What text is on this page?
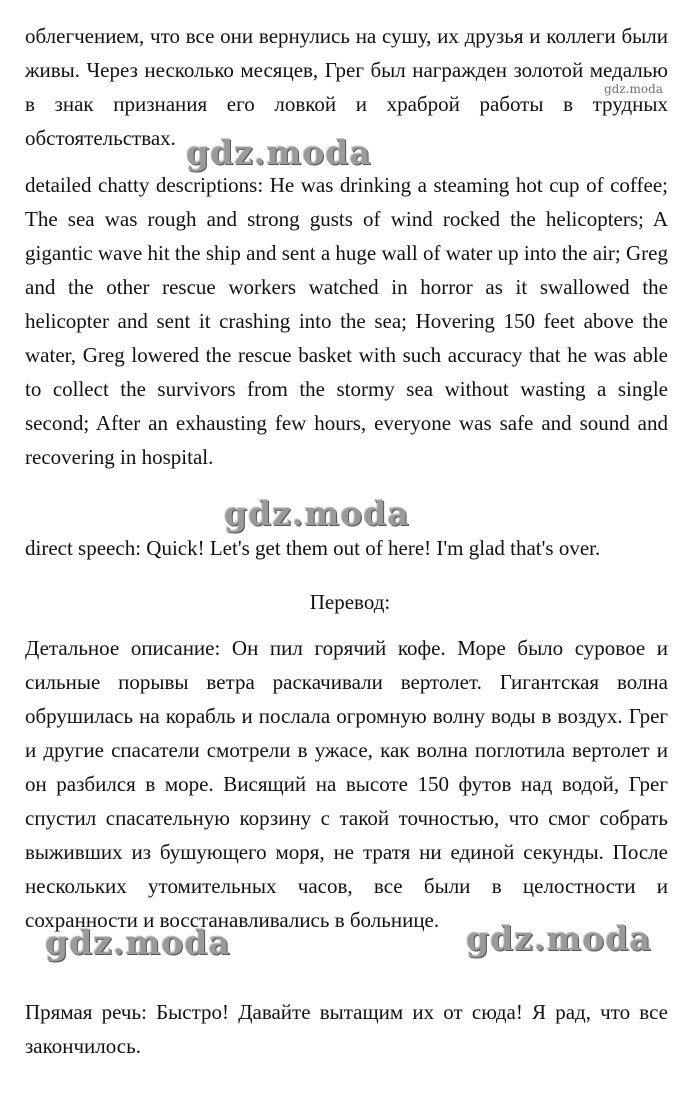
облегчением, что все они вернулись на сушу, их друзья и коллеги были живы. Через несколько месяцев, Грег был награжден золотой медалью в знак признания его ловкой и храброй работы в трудных обстоятельствах.

detailed chatty descriptions: He was drinking a steaming hot cup of coffee; The sea was rough and strong gusts of wind rocked the helicopters; A gigantic wave hit the ship and sent a huge wall of water up into the air; Greg and the other rescue workers watched in horror as it swallowed the helicopter and sent it crashing into the sea; Hovering 150 feet above the water, Greg lowered the rescue basket with such accuracy that he was able to collect the survivors from the stormy sea without wasting a single second; After an exhausting few hours, everyone was safe and sound and recovering in hospital.

direct speech: Quick! Let's get them out of here! I'm glad that's over.

Перевод:

Детальное описание: Он пил горячий кофе. Море было суровое и сильные порывы ветра раскачивали вертолет. Гигантская волна обрушилась на корабль и послала огромную волну воды в воздух. Грег и другие спасатели смотрели в ужасе, как волна поглотила вертолет и он разбился в море. Висящий на высоте 150 футов над водой, Грег спустил спасательную корзину с такой точностью, что смог собрать выживших из бушующего моря, не тратя ни единой секунды. После нескольких утомительных часов, все были в целостности и сохранности и восстанавливались в больнице.

Прямая речь: Быстро! Давайте вытащим их от сюда! Я рад, что все закончилось.

gdz.moda
gdz.moda
gdz.moda
gdz.moda	gdz.moda
